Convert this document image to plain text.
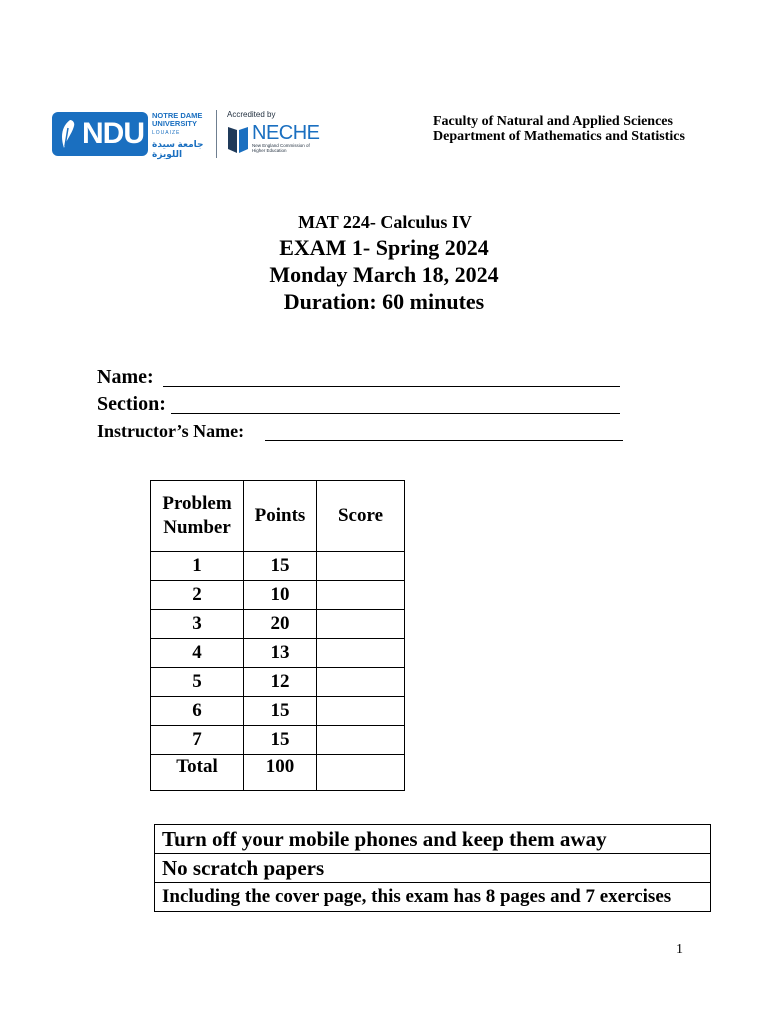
NDU
NOTRE DAME
UNIVERSITY
LOUAIZE
جامعة سيدة اللويزة
Accredited by
NECHE
New England Commission of Higher Education
Faculty of Natural and Applied Sciences Department of Mathematics and Statistics
MAT 224- Calculus IV
EXAM 1- Spring 2024
Monday March 18, 2024
Duration: 60 minutes
Name:
Section:
Instructor’s Name:
Problem
Number	Points	Score
1	15	
2	10	
3	20	
4	13	
5	12	
6	15	
7	15	
Total	100	
Turn off your mobile phones and keep them away
No scratch papers
Including the cover page, this exam has 8 pages and 7 exercises
1
